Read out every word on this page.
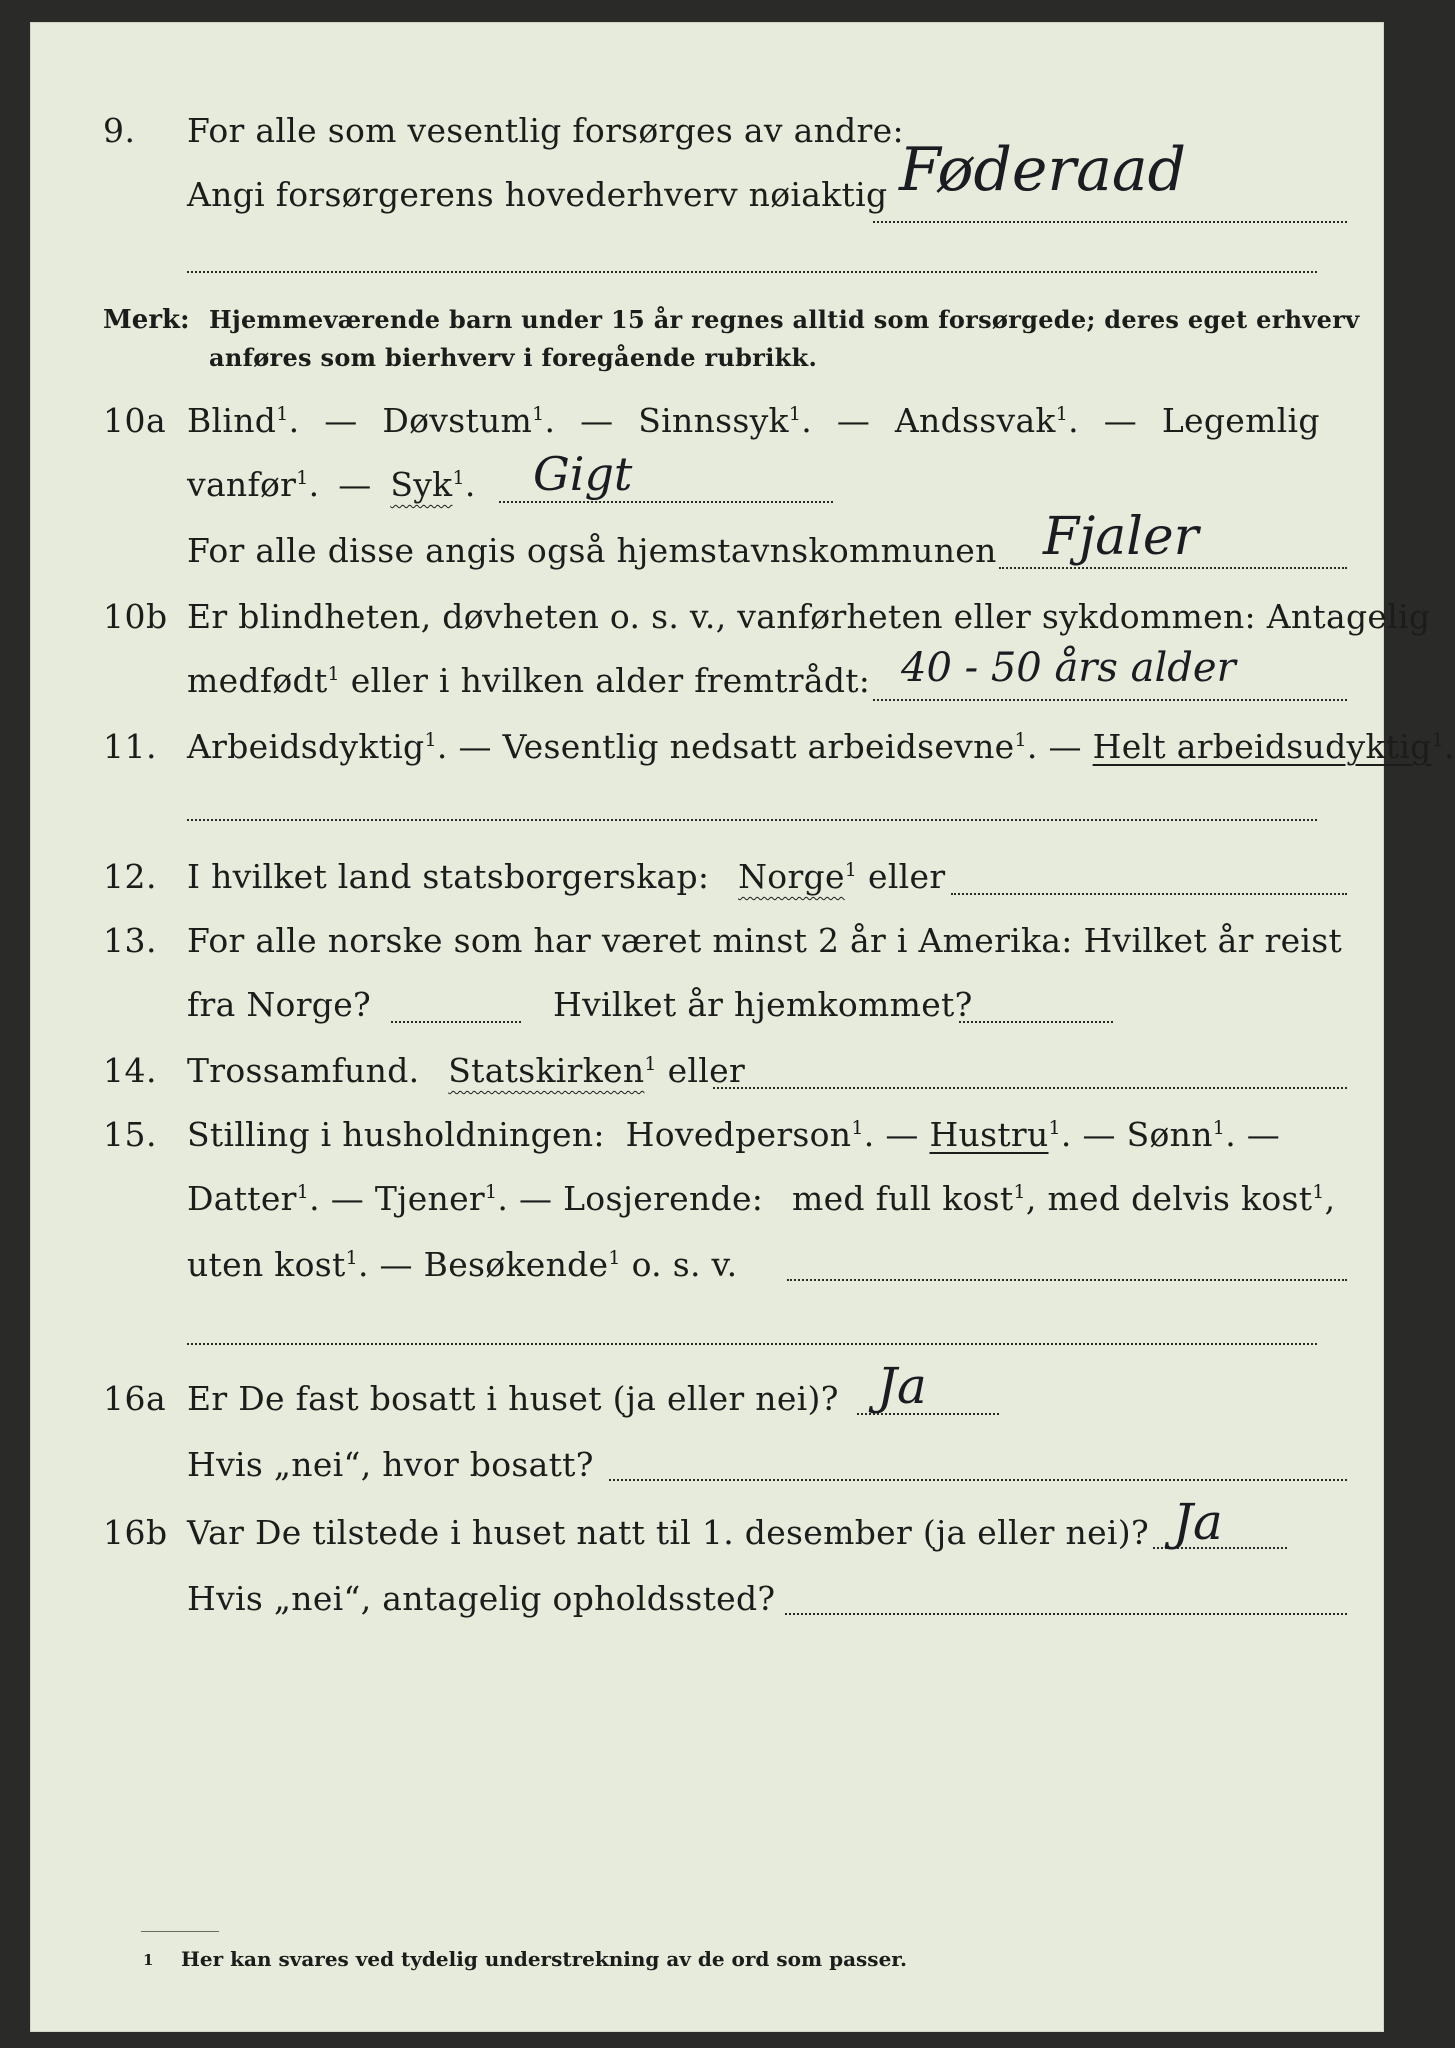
9. For alle som vesentlig forsørges av andre:
Angi forsørgerens hovederhverv nøiaktig Føderaad
Merk: Hjemmeværende barn under 15 år regnes alltid som forsørgede; deres eget erhverv
anføres som bierhverv i foregående rubrikk.
10a Blind$^1$. — Døvstum$^1$. — Sinnssyk$^1$. — Andssvak$^1$. — Legemlig
vanfør$^1$. — Syk$^1$. Gigt
For alle disse angis også hjemstavnskommunen Fjaler
10b Er blindheten, døvheten o. s. v., vanførheten eller sykdommen: Antagelig
medfødt$^1$ eller i hvilken alder fremtrådt: 40 - 50 års alder
11. Arbeidsdyktig$^1$. — Vesentlig nedsatt arbeidsevne$^1$. — Helt arbeidsudyktig$^1$.
12. I hvilket land statsborgerskap: Norge$^1$ eller
13. For alle norske som har været minst 2 år i Amerika: Hvilket år reist
fra Norge?	Hvilket år hjemkommet?
14. Trossamfund. Statskirken$^1$ eller
15. Stilling i husholdningen: Hovedperson$^1$. — Hustru$^1$. — Sønn$^1$. —
Datter$^1$. — Tjener$^1$. — Losjerende: med full kost$^1$, med delvis kost$^1$,
uten kost$^1$. — Besøkende$^1$ o. s. v.
16a Er De fast bosatt i huset (ja eller nei)? Ja
Hvis „nei“, hvor bosatt?
16b Var De tilstede i huset natt til 1. desember (ja eller nei)? Ja
Hvis „nei“, antagelig opholdssted?
1 Her kan svares ved tydelig understrekning av de ord som passer.
